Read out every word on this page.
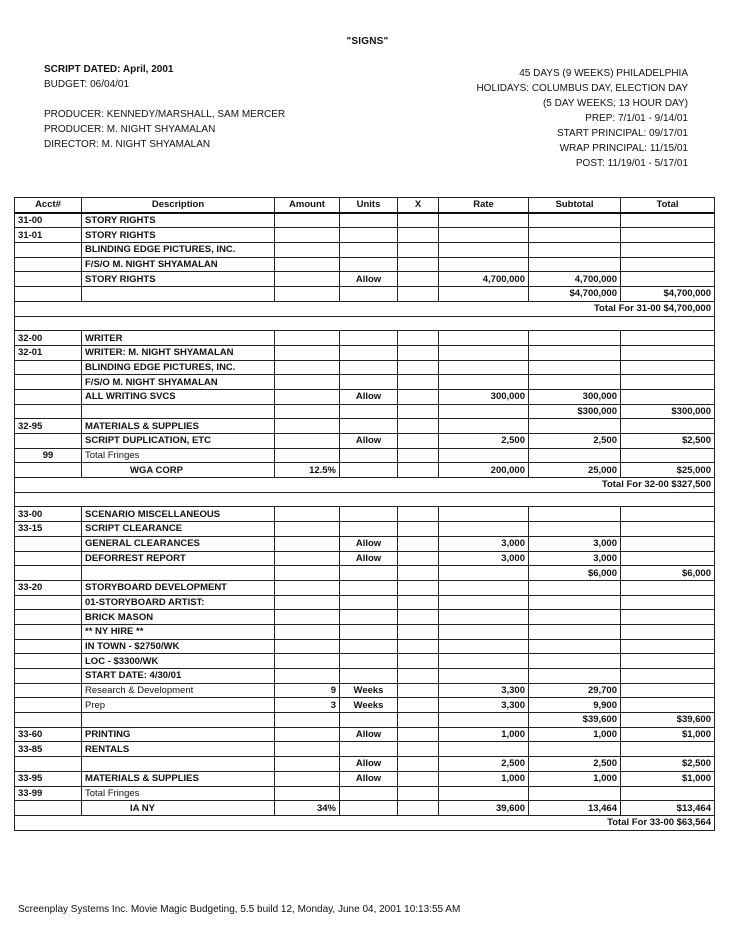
"SIGNS"
SCRIPT DATED: April, 2001
BUDGET: 06/04/01
PRODUCER: KENNEDY/MARSHALL, SAM MERCER
PRODUCER: M. NIGHT SHYAMALAN
DIRECTOR: M. NIGHT SHYAMALAN
45 DAYS (9 WEEKS) PHILADELPHIA
HOLIDAYS: COLUMBUS DAY, ELECTION DAY
(5 DAY WEEKS; 13 HOUR DAY)
PREP: 7/1/01 - 9/14/01
START PRINCIPAL: 09/17/01
WRAP PRINCIPAL: 11/15/01
POST: 11/19/01 - 5/17/01
Acct#	Description	Amount	Units	X	Rate	Subtotal	Total
31-00	STORY RIGHTS						
31-01	STORY RIGHTS						
	BLINDING EDGE PICTURES, INC.						
	F/S/O M. NIGHT SHYAMALAN						
	STORY RIGHTS		Allow		4,700,000	4,700,000	
						$4,700,000	$4,700,000
Total For 31-00 $4,700,000							

32-00	WRITER						
32-01	WRITER: M. NIGHT SHYAMALAN						
	BLINDING EDGE PICTURES, INC.						
	F/S/O M. NIGHT SHYAMALAN						
	ALL WRITING SVCS		Allow		300,000	300,000	
						$300,000	$300,000
32-95	MATERIALS & SUPPLIES						
	SCRIPT DUPLICATION, ETC		Allow		2,500	2,500	$2,500
99	Total Fringes						
	WGA CORP	12.5%			200,000	25,000	$25,000
Total For 32-00 $327,500							

33-00	SCENARIO MISCELLANEOUS						
33-15	SCRIPT CLEARANCE						
	GENERAL CLEARANCES		Allow		3,000	3,000	
	DEFORREST REPORT		Allow		3,000	3,000	
						$6,000	$6,000
33-20	STORYBOARD DEVELOPMENT						
	01-STORYBOARD ARTIST:						
	BRICK MASON						
	** NY HIRE **						
	IN TOWN - $2750/WK						
	LOC - $3300/WK						
	START DATE: 4/30/01						
	Research & Development	9	Weeks		3,300	29,700	
	Prep	3	Weeks		3,300	9,900	
						$39,600	$39,600
33-60	PRINTING		Allow		1,000	1,000	$1,000
33-85	RENTALS						
			Allow		2,500	2,500	$2,500
33-95	MATERIALS & SUPPLIES		Allow		1,000	1,000	$1,000
33-99	Total Fringes						
	IA NY	34%			39,600	13,464	$13,464
Total For 33-00 $63,564							
Screenplay Systems Inc. Movie Magic Budgeting, 5.5 build 12, Monday, June 04, 2001 10:13:55 AM
